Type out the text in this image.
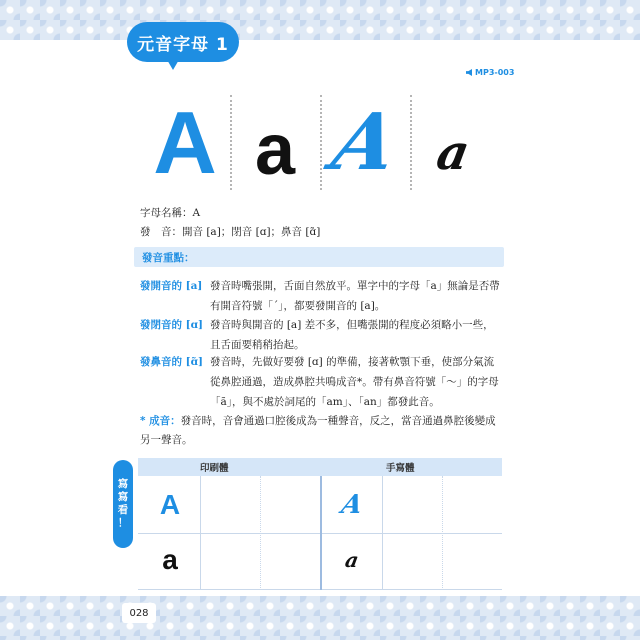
元音字母 1
MP3-003
A a A a
字母名稱：A
發　音：開音 [a]；閉音 [ɑ]；鼻音 [ɑ̃]
發音重點：
發開音的 [a] 發音時嘴張開，舌面自然放平。單字中的字母「a」無論是否帶有開音符號「ˊ」，都要發開音的 [a]。
發閉音的 [ɑ] 發音時與開音的 [a] 差不多，但嘴張開的程度必須略小一些，且舌面要稍稍抬起。
發鼻音的 [ɑ̃] 發音時，先做好要發 [ɑ] 的準備，接著軟顎下垂，使部分氣流從鼻腔通過，造成鼻腔共鳴成音*。帶有鼻音符號「～」的字母「ã」，與不處於詞尾的「am」、「an」都發此音。
* 成音：發音時，音會通過口腔後成為一種聲音，反之，當音通過鼻腔後變成另一聲音。
寫
寫
看
！
印刷體	手寫體
A
a
A
a
028
